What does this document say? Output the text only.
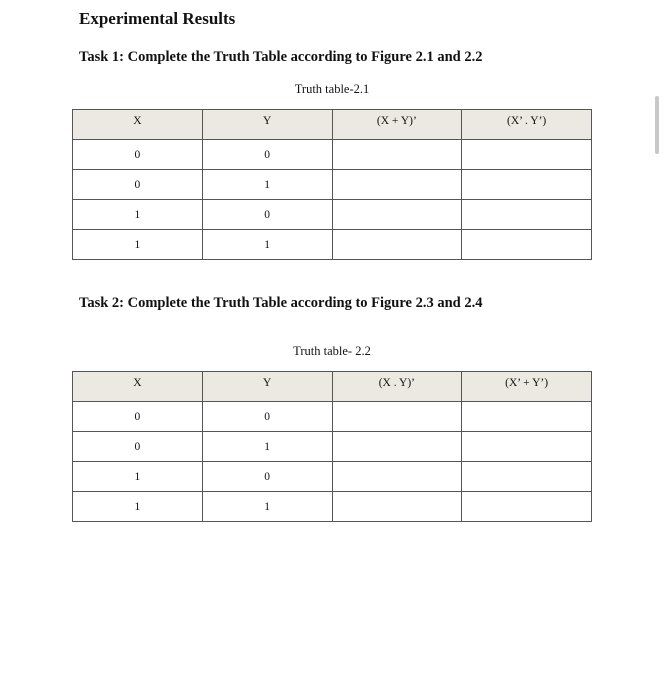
Experimental Results
Task 1: Complete the Truth Table according to Figure 2.1 and 2.2
Truth table-2.1
X	Y	(X + Y)’	(X’ . Y’)
0	0		
0	1		
1	0		
1	1		
Task 2: Complete the Truth Table according to Figure 2.3 and 2.4
Truth table- 2.2
X	Y	(X . Y)’	(X’ + Y’)
0	0		
0	1		
1	0		
1	1		
